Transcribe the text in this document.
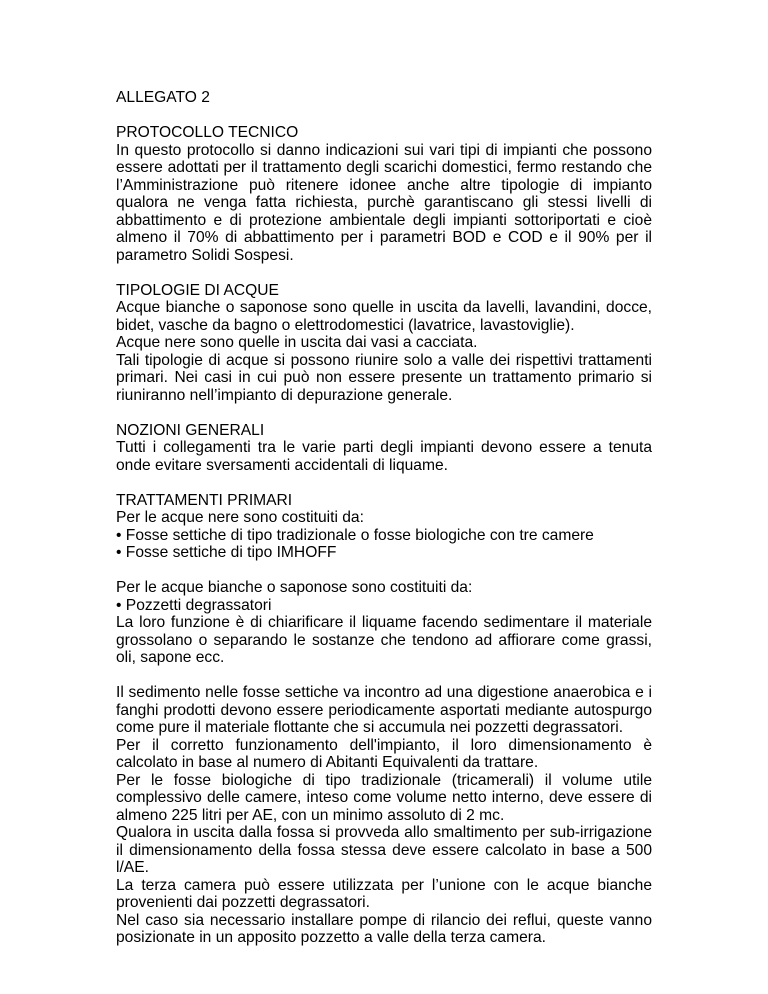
ALLEGATO 2
PROTOCOLLO TECNICO
In questo protocollo si danno indicazioni sui vari tipi di impianti che possono
essere adottati per il trattamento degli scarichi domestici, fermo restando che
l’Amministrazione può ritenere idonee anche altre tipologie di impianto
qualora ne venga fatta richiesta, purchè garantiscano gli stessi livelli di
abbattimento e di protezione ambientale degli impianti sottoriportati e cioè
almeno il 70% di abbattimento per i parametri BOD e COD e il 90% per il
parametro Solidi Sospesi.
TIPOLOGIE DI ACQUE
Acque bianche o saponose sono quelle in uscita da lavelli, lavandini, docce,
bidet, vasche da bagno o elettrodomestici (lavatrice, lavastoviglie).
Acque nere sono quelle in uscita dai vasi a cacciata.
Tali tipologie di acque si possono riunire solo a valle dei rispettivi trattamenti
primari. Nei casi in cui può non essere presente un trattamento primario si
riuniranno nell’impianto di depurazione generale.
NOZIONI GENERALI
Tutti i collegamenti tra le varie parti degli impianti devono essere a tenuta
onde evitare sversamenti accidentali di liquame.
TRATTAMENTI PRIMARI
Per le acque nere sono costituiti da:
• Fosse settiche di tipo tradizionale o fosse biologiche con tre camere
• Fosse settiche di tipo IMHOFF
Per le acque bianche o saponose sono costituiti da:
• Pozzetti degrassatori
La loro funzione è di chiarificare il liquame facendo sedimentare il materiale
grossolano o separando le sostanze che tendono ad affiorare come grassi,
oli, sapone ecc.
Il sedimento nelle fosse settiche va incontro ad una digestione anaerobica e i
fanghi prodotti devono essere periodicamente asportati mediante autospurgo
come pure il materiale flottante che si accumula nei pozzetti degrassatori.
Per il corretto funzionamento dell'impianto, il loro dimensionamento è
calcolato in base al numero di Abitanti Equivalenti da trattare.
Per le fosse biologiche di tipo tradizionale (tricamerali) il volume utile
complessivo delle camere, inteso come volume netto interno, deve essere di
almeno 225 litri per AE, con un minimo assoluto di 2 mc.
Qualora in uscita dalla fossa si provveda allo smaltimento per sub-irrigazione
il dimensionamento della fossa stessa deve essere calcolato in base a 500
l/AE.
La terza camera può essere utilizzata per l’unione con le acque bianche
provenienti dai pozzetti degrassatori.
Nel caso sia necessario installare pompe di rilancio dei reflui, queste vanno
posizionate in un apposito pozzetto a valle della terza camera.
